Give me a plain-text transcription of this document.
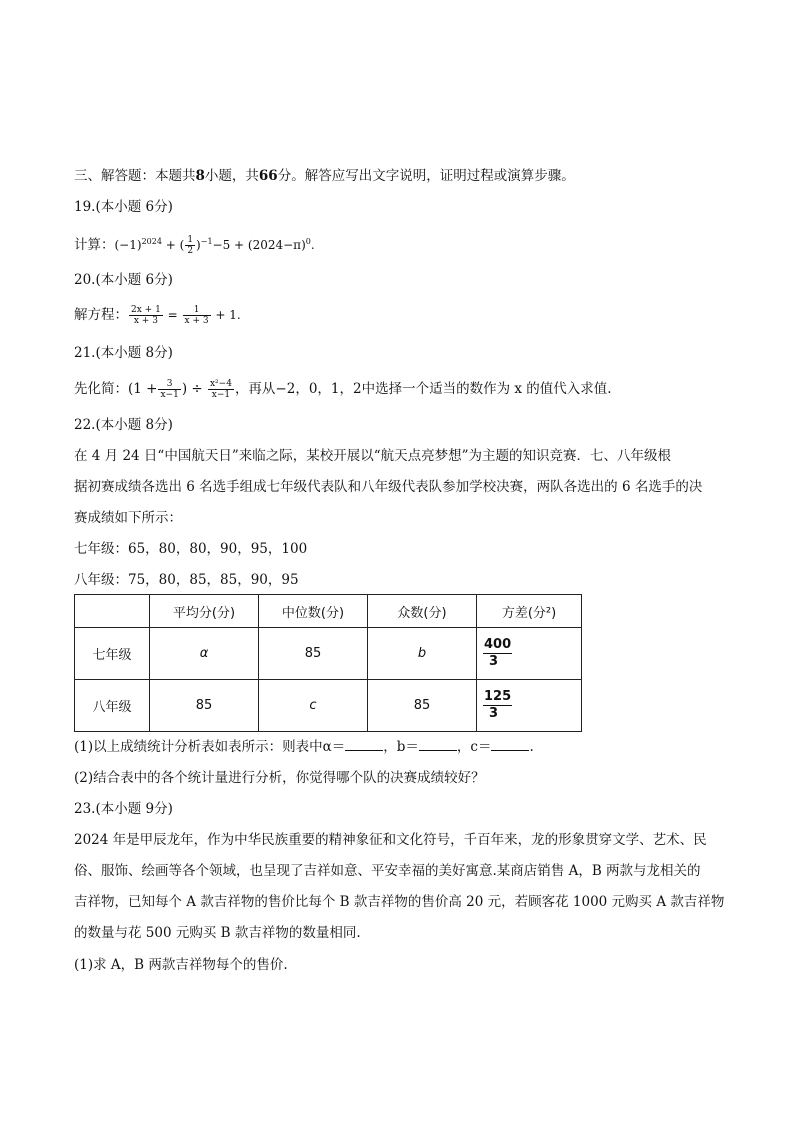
三、解答题：本题共8小题，共66分。解答应写出文字说明，证明过程或演算步骤。
19.(本小题 6分)
计算：$(-1)^{2024}$ + ( $\frac{1}{2} )^{-1}-5 + (2024-\pi)^0$.
20.(本小题 6分)
解方程： $\frac{2x + 1}{x + 3} = \frac{1}{x + 3} + 1$.
21.(本小题 8分)
先化简：($1 + \frac{3}{x-1}$ ) ÷ $\frac{\text{x²−4}}{x-1}$ ，再从−2，0，1，2中选择一个适当的数作为 x 的值代入求值.
22.(本小题 8分)
在 4 月 24 日“中国航天日”来临之际，某校开展以“航天点亮梦想”为主题的知识竞赛．七、八年级根
据初赛成绩各选出 6 名选手组成七年级代表队和八年级代表队参加学校决赛，两队各选出的 6 名选手的决
赛成绩如下所示：
七年级：65，80，80，90，95，100
八年级：75，80，85，85，90，95
	平均分(分)	中位数(分)	众数(分)	方差(分²)
七年级	α	85	b	$\frac{400}{3}$

八年级	85	c	85	$\frac{125}{3}$
(1)以上成绩统计分析表如表所示：则表中α＝	，b＝	，c＝	.
(2)结合表中的各个统计量进行分析，你觉得哪个队的决赛成绩较好？
23.(本小题 9分)
2024 年是甲辰龙年，作为中华民族重要的精神象征和文化符号，千百年来，龙的形象贯穿文学、艺术、民
俗、服饰、绘画等各个领域，也呈现了吉祥如意、平安幸福的美好寓意.某商店销售 A，B 两款与龙相关的
吉祥物，已知每个 A 款吉祥物的售价比每个 B 款吉祥物的售价高 20 元，若顾客花 1000 元购买 A 款吉祥物
的数量与花 500 元购买 B 款吉祥物的数量相同.
(1)求 A，B 两款吉祥物每个的售价.
